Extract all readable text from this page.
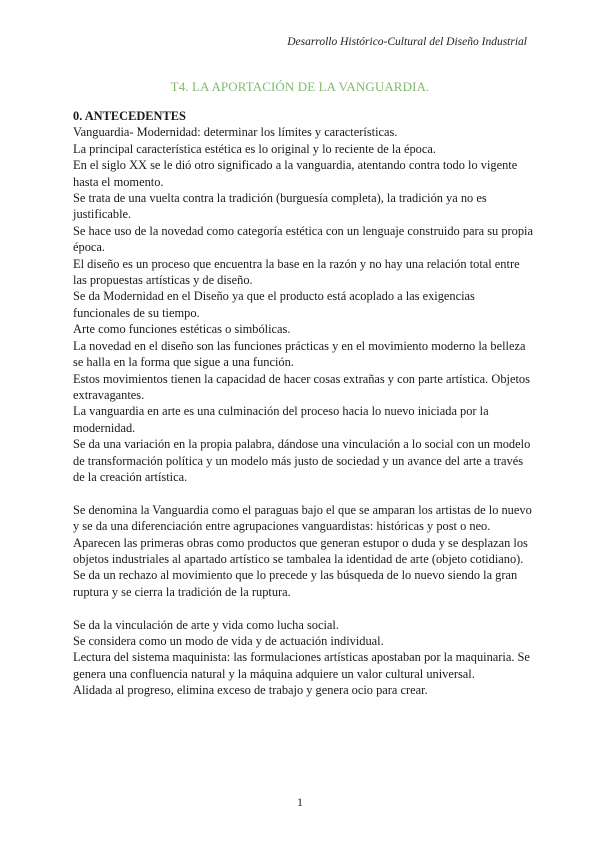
Desarrollo Histórico-Cultural del Diseño Industrial
T4. LA APORTACIÓN DE LA VANGUARDIA.

0. ANTECEDENTES

Vanguardia- Modernidad: determinar los límites y características.

La principal característica estética es lo original y lo reciente de la época.

En el siglo XX se le dió otro significado a la vanguardia, atentando contra todo lo vigente hasta el momento.

Se trata de una vuelta contra la tradición (burguesía completa), la tradición ya no es justificable.

Se hace uso de la novedad como categoría estética con un lenguaje construido para su propia época.

El diseño es un proceso que encuentra la base en la razón y no hay una relación total entre las propuestas artísticas y de diseño.

Se da Modernidad en el Diseño ya que el producto está acoplado a las exigencias funcionales de su tiempo.

Arte como funciones estéticas o simbólicas.

La novedad en el diseño son las funciones prácticas y en el movimiento moderno la belleza se halla en la forma que sigue a una función.

Estos movimientos tienen la capacidad de hacer cosas extrañas y con parte artística. Objetos extravagantes.

La vanguardia en arte es una culminación del proceso hacia lo nuevo iniciada por la modernidad.

Se da una variación en la propia palabra, dándose una vinculación a lo social con un modelo de transformación política y un modelo más justo de sociedad y un avance del arte a través de la creación artística.

Se denomina la Vanguardia como el paraguas bajo el que se amparan los artistas de lo nuevo y se da una diferenciación entre agrupaciones vanguardistas: históricas y post o neo.

Aparecen las primeras obras como productos que generan estupor o duda y se desplazan los objetos industriales al apartado artístico se tambalea la identidad de arte (objeto cotidiano).

Se da un rechazo al movimiento que lo precede y las búsqueda de lo nuevo siendo la gran ruptura y se cierra la tradición de la ruptura.

Se da la vinculación de arte y vida como lucha social.

Se considera como un modo de vida y de actuación individual.

Lectura del sistema maquinista: las formulaciones artísticas apostaban por la maquinaria. Se genera una confluencia natural y la máquina adquiere un valor cultural universal.

Alidada al progreso, elimina exceso de trabajo y genera ocio para crear.

1
